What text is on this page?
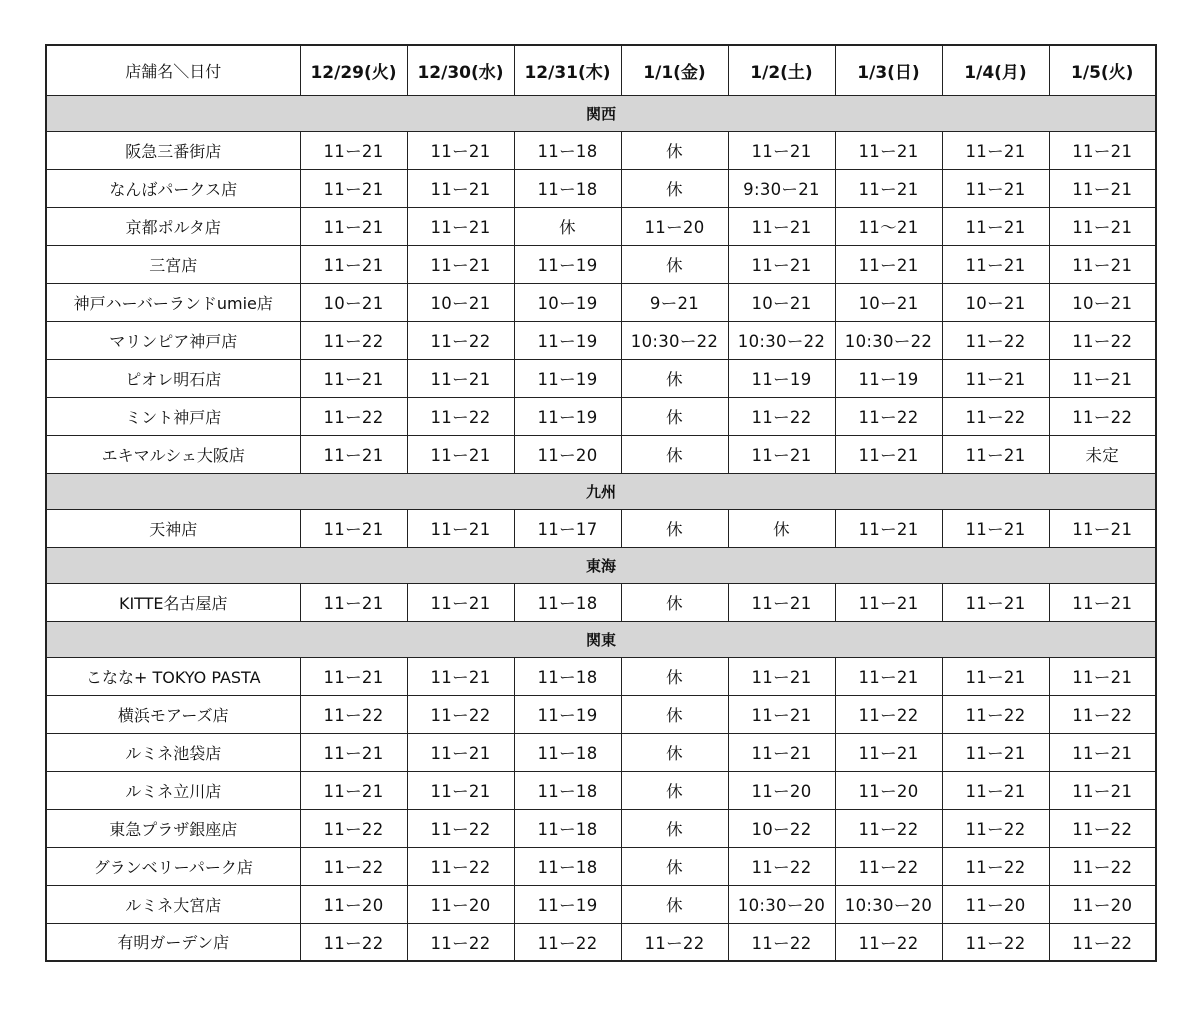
店舗名＼日付	12/29(火)	12/30(水)	12/31(木)	1/1(金)	1/2(土)	1/3(日)	1/4(月)	1/5(火)
関西								
阪急三番街店	11ー21	11ー21	11ー18	休	11ー21	11ー21	11ー21	11ー21
なんばパークス店	11ー21	11ー21	11ー18	休	9:30ー21	11ー21	11ー21	11ー21
京都ポルタ店	11ー21	11ー21	休	11ー20	11ー21	11～21	11ー21	11ー21
三宮店	11ー21	11ー21	11ー19	休	11ー21	11ー21	11ー21	11ー21
神戸ハーバーランドumie店	10ー21	10ー21	10ー19	9ー21	10ー21	10ー21	10ー21	10ー21
マリンピア神戸店	11ー22	11ー22	11ー19	10:30ー22	10:30ー22	10:30ー22	11ー22	11ー22
ピオレ明石店	11ー21	11ー21	11ー19	休	11ー19	11ー19	11ー21	11ー21
ミント神戸店	11ー22	11ー22	11ー19	休	11ー22	11ー22	11ー22	11ー22
エキマルシェ大阪店	11ー21	11ー21	11ー20	休	11ー21	11ー21	11ー21	未定
九州								
天神店	11ー21	11ー21	11ー17	休	休	11ー21	11ー21	11ー21
東海								
KITTE名古屋店	11ー21	11ー21	11ー18	休	11ー21	11ー21	11ー21	11ー21
関東								
こなな+ TOKYO PASTA	11ー21	11ー21	11ー18	休	11ー21	11ー21	11ー21	11ー21
横浜モアーズ店	11ー22	11ー22	11ー19	休	11ー21	11ー22	11ー22	11ー22
ルミネ池袋店	11ー21	11ー21	11ー18	休	11ー21	11ー21	11ー21	11ー21
ルミネ立川店	11ー21	11ー21	11ー18	休	11ー20	11ー20	11ー21	11ー21
東急プラザ銀座店	11ー22	11ー22	11ー18	休	10ー22	11ー22	11ー22	11ー22
グランベリーパーク店	11ー22	11ー22	11ー18	休	11ー22	11ー22	11ー22	11ー22
ルミネ大宮店	11ー20	11ー20	11ー19	休	10:30ー20	10:30ー20	11ー20	11ー20
有明ガーデン店	11ー22	11ー22	11ー22	11ー22	11ー22	11ー22	11ー22	11ー22
